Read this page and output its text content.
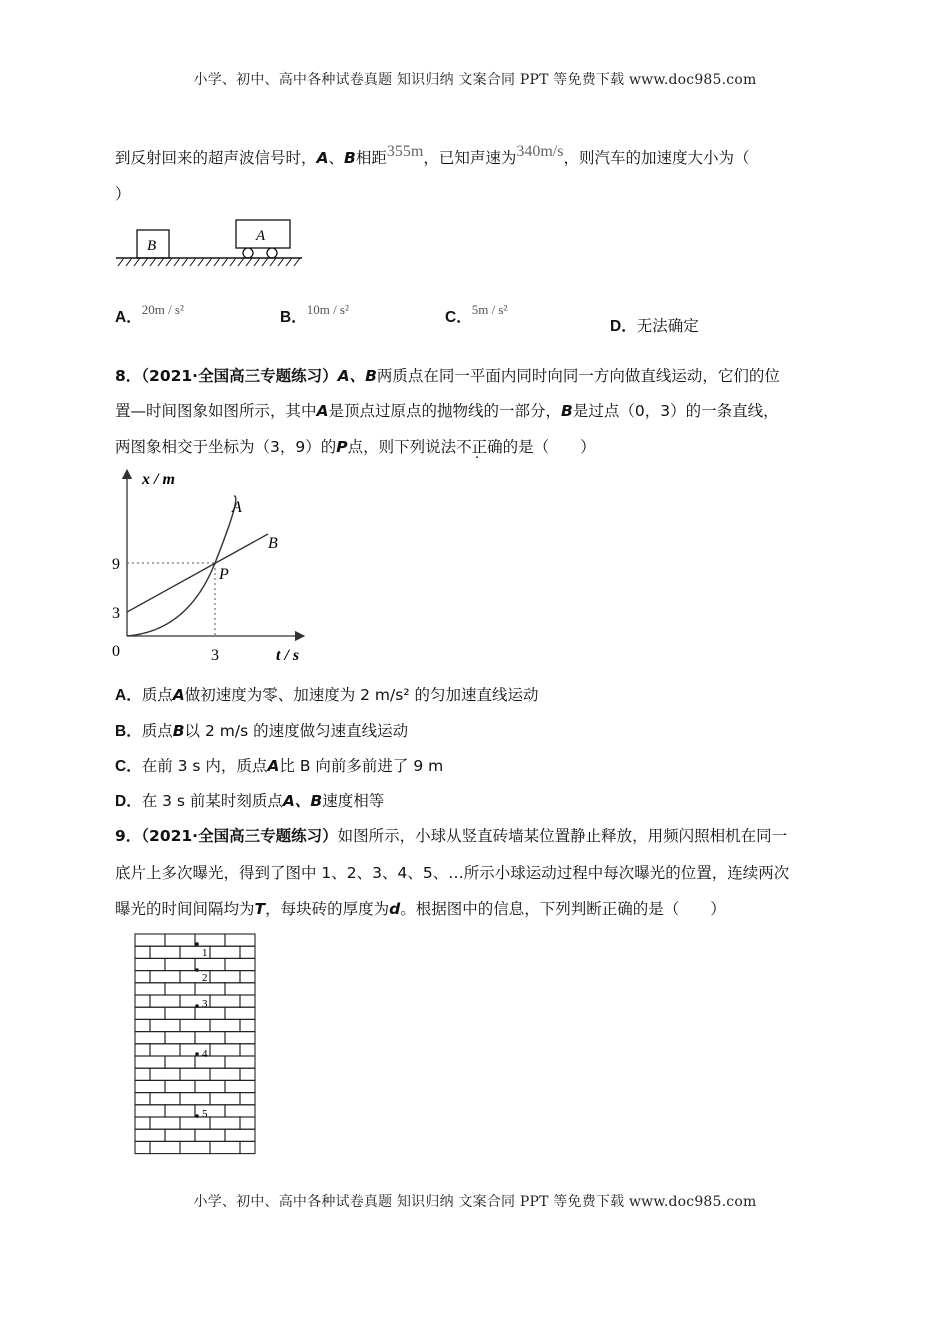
小学、初中、高中各种试卷真题 知识归纳 文案合同 PPT 等免费下载 www.doc985.com
到反射回来的超声波信号时，A、B相距355m，已知声速为340m/s，则汽车的加速度大小为（
）
B
A
A．$^{20m / s^2}$	B．$^{10m / s^2}$	C．$^{5m / s^2}$
D．无法确定
8．（2021·全国高三专题练习）A、B两质点在同一平面内同时向同一方向做直线运动，它们的位
置—时间图象如图所示，其中A是顶点过原点的抛物线的一部分，B是过点（0，3）的一条直线，
两图象相交于坐标为（3，9）的P点，则下列说法不正确的是（　　）
x / m
t / s
9
3
0	3
A
B
P
A．质点A做初速度为零、加速度为 2 m/s² 的匀加速直线运动
B．质点B以 2 m/s 的速度做匀速直线运动
C．在前 3 s 内，质点A比 B 向前多前进了 9 m
D．在 3 s 前某时刻质点A、B速度相等
9．（2021·全国高三专题练习）如图所示，小球从竖直砖墙某位置静止释放，用频闪照相机在同一
底片上多次曝光，得到了图中 1、2、3、4、5、…所示小球运动过程中每次曝光的位置，连续两次
曝光的时间间隔均为T，每块砖的厚度为d。根据图中的信息，下列判断正确的是（　　）
1
2
3
4
5
小学、初中、高中各种试卷真题 知识归纳 文案合同 PPT 等免费下载 www.doc985.com
